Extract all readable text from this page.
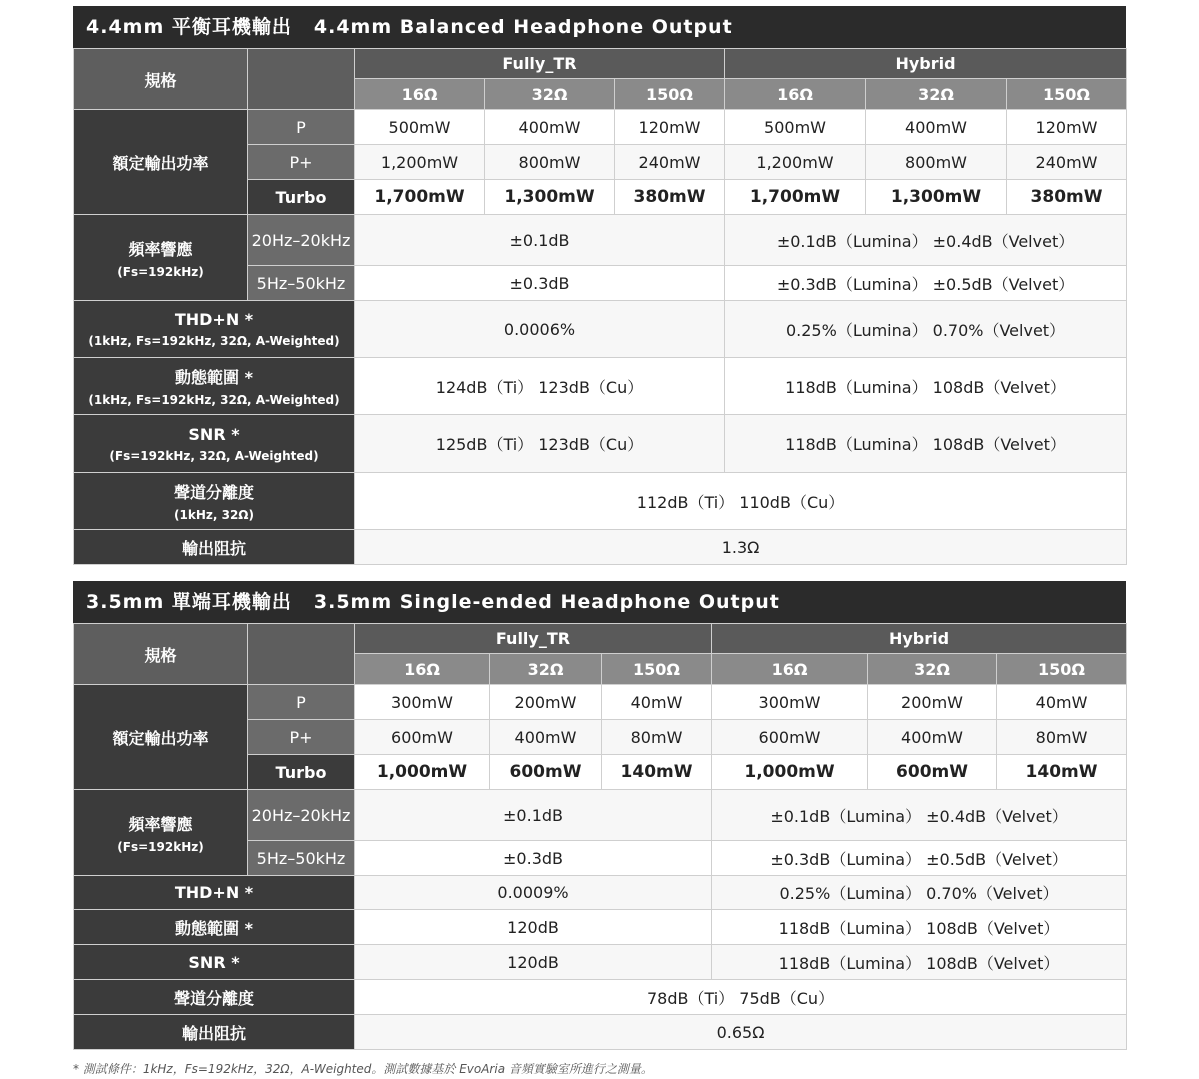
4.4mm 平衡耳機輸出 4.4mm Balanced Headphone Output
規格		Fully_TR			Hybrid		
		16Ω	32Ω	150Ω	16Ω	32Ω	150Ω
額定輸出功率	P	500mW	400mW	120mW	500mW	400mW	120mW
	P+	1,200mW	800mW	240mW	1,200mW	800mW	240mW
	Turbo	1,700mW	1,300mW	380mW	1,700mW	1,300mW	380mW
頻率響應
(Fs=192kHz)	20Hz–20kHz	±0.1dB			±0.1dB（Lumina） ±0.4dB（Velvet）		
	5Hz–50kHz	±0.3dB			±0.3dB（Lumina） ±0.5dB（Velvet）		
THD+N *
(1kHz, Fs=192kHz, 32Ω, A-Weighted)		0.0006%			0.25%（Lumina） 0.70%（Velvet）		
動態範圍 *
(1kHz, Fs=192kHz, 32Ω, A-Weighted)		124dB（Ti） 123dB（Cu）			118dB（Lumina） 108dB（Velvet）		
SNR *
(Fs=192kHz, 32Ω, A-Weighted)		125dB（Ti） 123dB（Cu）			118dB（Lumina） 108dB（Velvet）		
聲道分離度
(1kHz, 32Ω)		112dB（Ti） 110dB（Cu）					
輸出阻抗		1.3Ω					
3.5mm 單端耳機輸出 3.5mm Single-ended Headphone Output
規格		Fully_TR			Hybrid		
		16Ω	32Ω	150Ω	16Ω	32Ω	150Ω
額定輸出功率	P	300mW	200mW	40mW	300mW	200mW	40mW
	P+	600mW	400mW	80mW	600mW	400mW	80mW
	Turbo	1,000mW	600mW	140mW	1,000mW	600mW	140mW
頻率響應
(Fs=192kHz)	20Hz–20kHz	±0.1dB			±0.1dB（Lumina） ±0.4dB（Velvet）		
	5Hz–50kHz	±0.3dB			±0.3dB（Lumina） ±0.5dB（Velvet）		
THD+N *		0.0009%			0.25%（Lumina） 0.70%（Velvet）		
動態範圍 *		120dB			118dB（Lumina） 108dB（Velvet）		
SNR *		120dB			118dB（Lumina） 108dB（Velvet）		
聲道分離度		78dB（Ti） 75dB（Cu）					
輸出阻抗		0.65Ω					
* 測試條件：1kHz，Fs=192kHz，32Ω，A-Weighted。測試數據基於 EvoAria 音頻實驗室所進行之測量。
